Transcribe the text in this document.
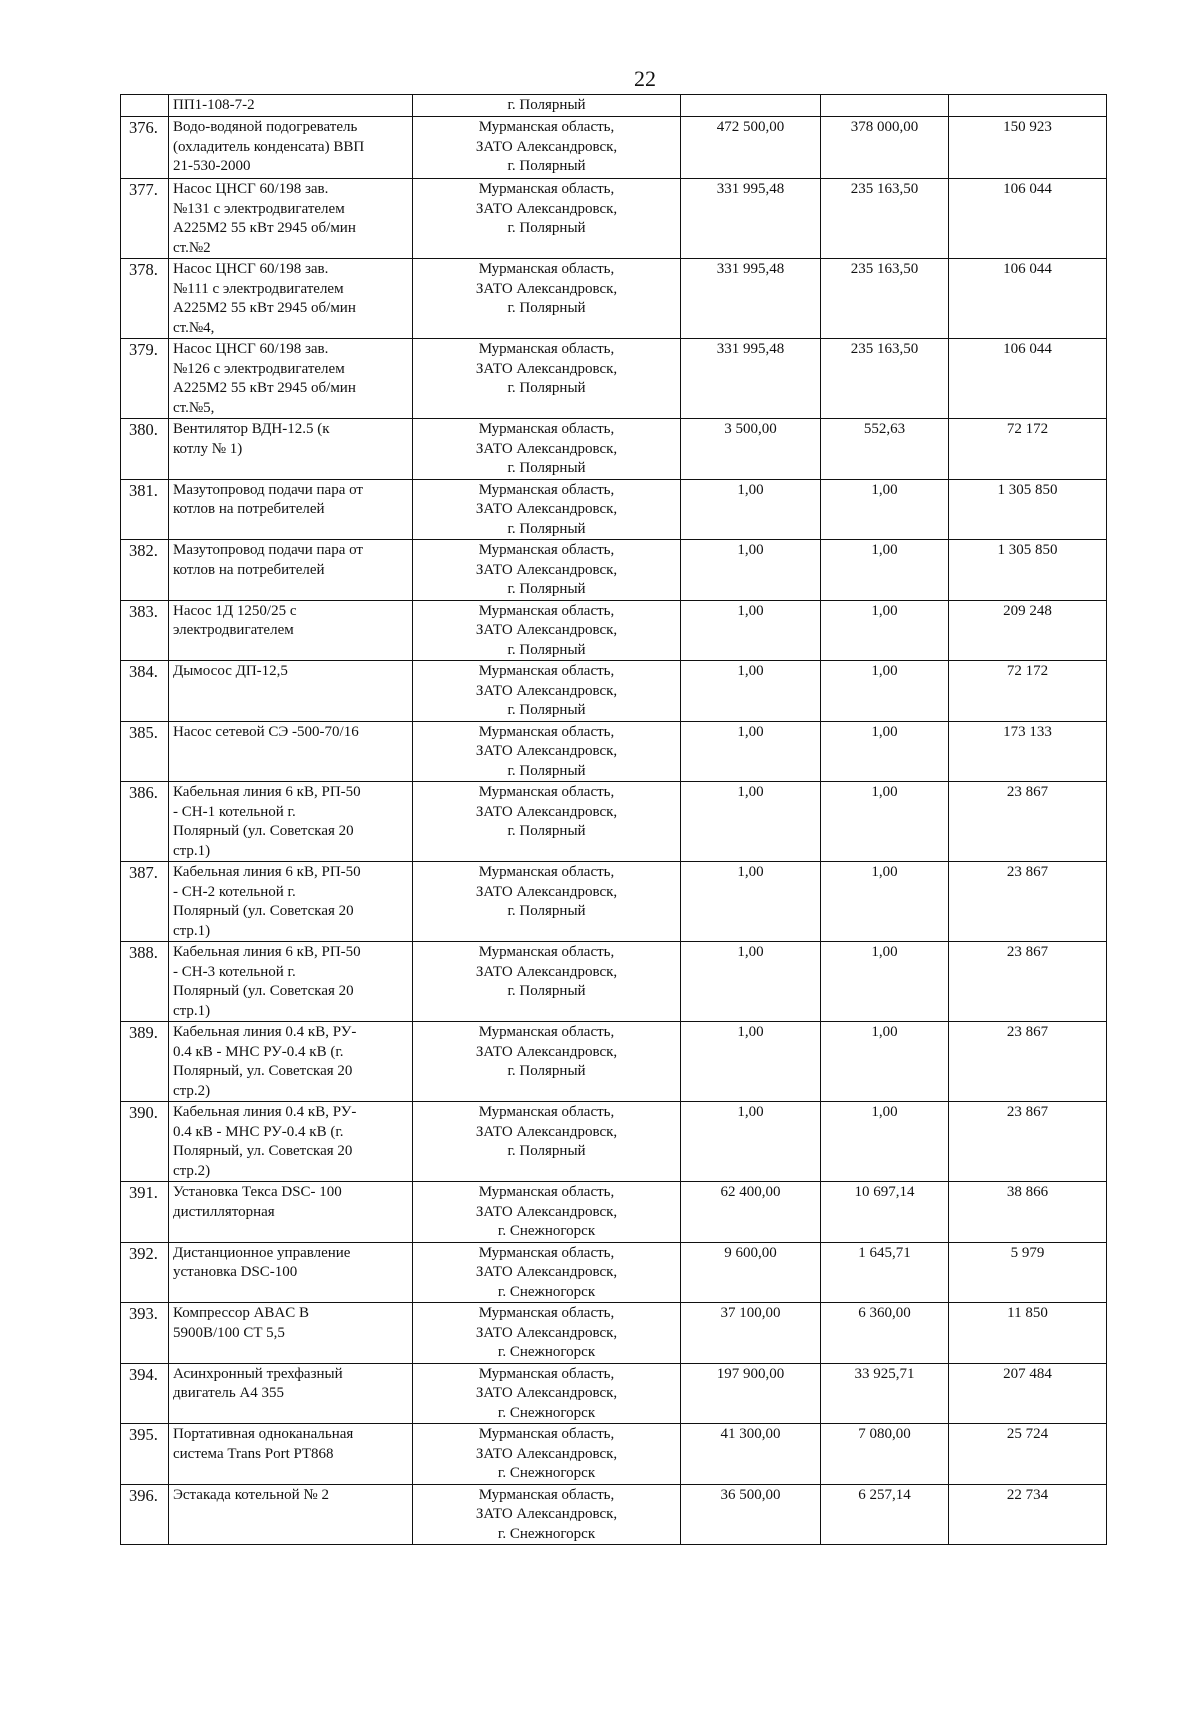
22
	ПП1-108-7-2	г. Полярный			
376.	Водо-водяной подогреватель
(охладитель конденсата) ВВП
21-530-2000	Мурманская область,
ЗАТО Александровск,
г. Полярный	472 500,00	378 000,00	150 923
377.	Насос ЦНСГ 60/198 зав.
№131 с электродвигателем
А225М2 55 кВт 2945 об/мин
ст.№2	Мурманская область,
ЗАТО Александровск,
г. Полярный	331 995,48	235 163,50	106 044
378.	Насос ЦНСГ 60/198 зав.
№111 с электродвигателем
А225М2 55 кВт 2945 об/мин
ст.№4,	Мурманская область,
ЗАТО Александровск,
г. Полярный	331 995,48	235 163,50	106 044
379.	Насос ЦНСГ 60/198 зав.
№126 с электродвигателем
А225М2 55 кВт 2945 об/мин
ст.№5,	Мурманская область,
ЗАТО Александровск,
г. Полярный	331 995,48	235 163,50	106 044
380.	Вентилятор ВДН-12.5 (к
котлу № 1)	Мурманская область,
ЗАТО Александровск,
г. Полярный	3 500,00	552,63	72 172
381.	Мазутопровод подачи пара от
котлов на потребителей	Мурманская область,
ЗАТО Александровск,
г. Полярный	1,00	1,00	1 305 850
382.	Мазутопровод подачи пара от
котлов на потребителей	Мурманская область,
ЗАТО Александровск,
г. Полярный	1,00	1,00	1 305 850
383.	Насос 1Д 1250/25 с
электродвигателем	Мурманская область,
ЗАТО Александровск,
г. Полярный	1,00	1,00	209 248
384.	Дымосос ДП-12,5	Мурманская область,
ЗАТО Александровск,
г. Полярный	1,00	1,00	72 172
385.	Насос сетевой СЭ -500-70/16	Мурманская область,
ЗАТО Александровск,
г. Полярный	1,00	1,00	173 133
386.	Кабельная линия 6 кВ, РП-50
- СН-1 котельной г.
Полярный (ул. Советская 20
стр.1)	Мурманская область,
ЗАТО Александровск,
г. Полярный	1,00	1,00	23 867
387.	Кабельная линия 6 кВ, РП-50
- СН-2 котельной г.
Полярный (ул. Советская 20
стр.1)	Мурманская область,
ЗАТО Александровск,
г. Полярный	1,00	1,00	23 867
388.	Кабельная линия 6 кВ, РП-50
- СН-3 котельной г.
Полярный (ул. Советская 20
стр.1)	Мурманская область,
ЗАТО Александровск,
г. Полярный	1,00	1,00	23 867
389.	Кабельная линия 0.4 кВ, РУ-
0.4 кВ - МНС РУ-0.4 кВ (г.
Полярный, ул. Советская 20
стр.2)	Мурманская область,
ЗАТО Александровск,
г. Полярный	1,00	1,00	23 867
390.	Кабельная линия 0.4 кВ, РУ-
0.4 кВ - МНС РУ-0.4 кВ (г.
Полярный, ул. Советская 20
стр.2)	Мурманская область,
ЗАТО Александровск,
г. Полярный	1,00	1,00	23 867
391.	Установка Текса DSC- 100
дистилляторная	Мурманская область,
ЗАТО Александровск,
г. Снежногорск	62 400,00	10 697,14	38 866
392.	Дистанционное управление
установка DSC-100	Мурманская область,
ЗАТО Александровск,
г. Снежногорск	9 600,00	1 645,71	5 979
393.	Компрессор ABAC B
5900B/100 CT 5,5	Мурманская область,
ЗАТО Александровск,
г. Снежногорск	37 100,00	6 360,00	11 850
394.	Асинхронный трехфазный
двигатель А4 355	Мурманская область,
ЗАТО Александровск,
г. Снежногорск	197 900,00	33 925,71	207 484
395.	Портативная одноканальная
система Trans Port PT868	Мурманская область,
ЗАТО Александровск,
г. Снежногорск	41 300,00	7 080,00	25 724
396.	Эстакада котельной № 2	Мурманская область,
ЗАТО Александровск,
г. Снежногорск	36 500,00	6 257,14	22 734
